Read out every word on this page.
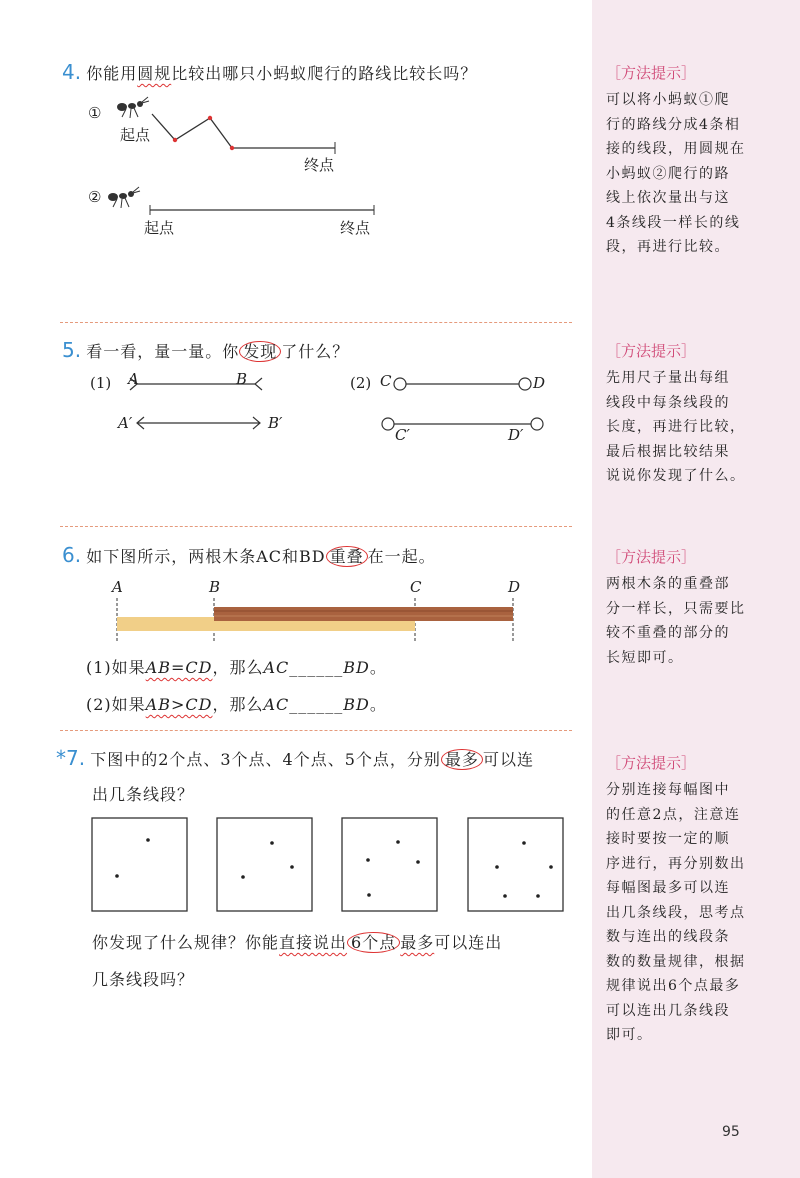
4. 你能用圆规比较出哪只小蚂蚁爬行的路线比较长吗？
①
起点
终点
②
起点	终点
［方法提示］
可以将小蚂蚁①爬
行的路线分成4条相
接的线段，用圆规在
小蚂蚁②爬行的路
线上依次量出与这
4条线段一样长的线
段，再进行比较。
5. 看一看，量一量。你 发现 了什么？
(1) A	B
A′	B′
(2) C	D
C′	D′
［方法提示］
先用尺子量出每组
线段中每条线段的
长度，再进行比较，
最后根据比较结果
说说你发现了什么。
6. 如下图所示，两根木条AC和BD 重叠 在一起。
A	B	C	D
(1)如果AB=CD，那么AC______BD。
(2)如果AB>CD，那么AC______BD。
［方法提示］
两根木条的重叠部
分一样长，只需要比
较不重叠的部分的
长短即可。
*7. 下图中的2个点、3个点、4个点、5个点，分别 最多 可以连
出几条线段？
你发现了什么规律？你能直接说出 6个点 最多可以连出
几条线段吗？
［方法提示］
分别连接每幅图中
的任意2点，注意连
接时要按一定的顺
序进行，再分别数出
每幅图最多可以连
出几条线段，思考点
数与连出的线段条
数的数量规律，根据
规律说出6个点最多
可以连出几条线段
即可。
95
